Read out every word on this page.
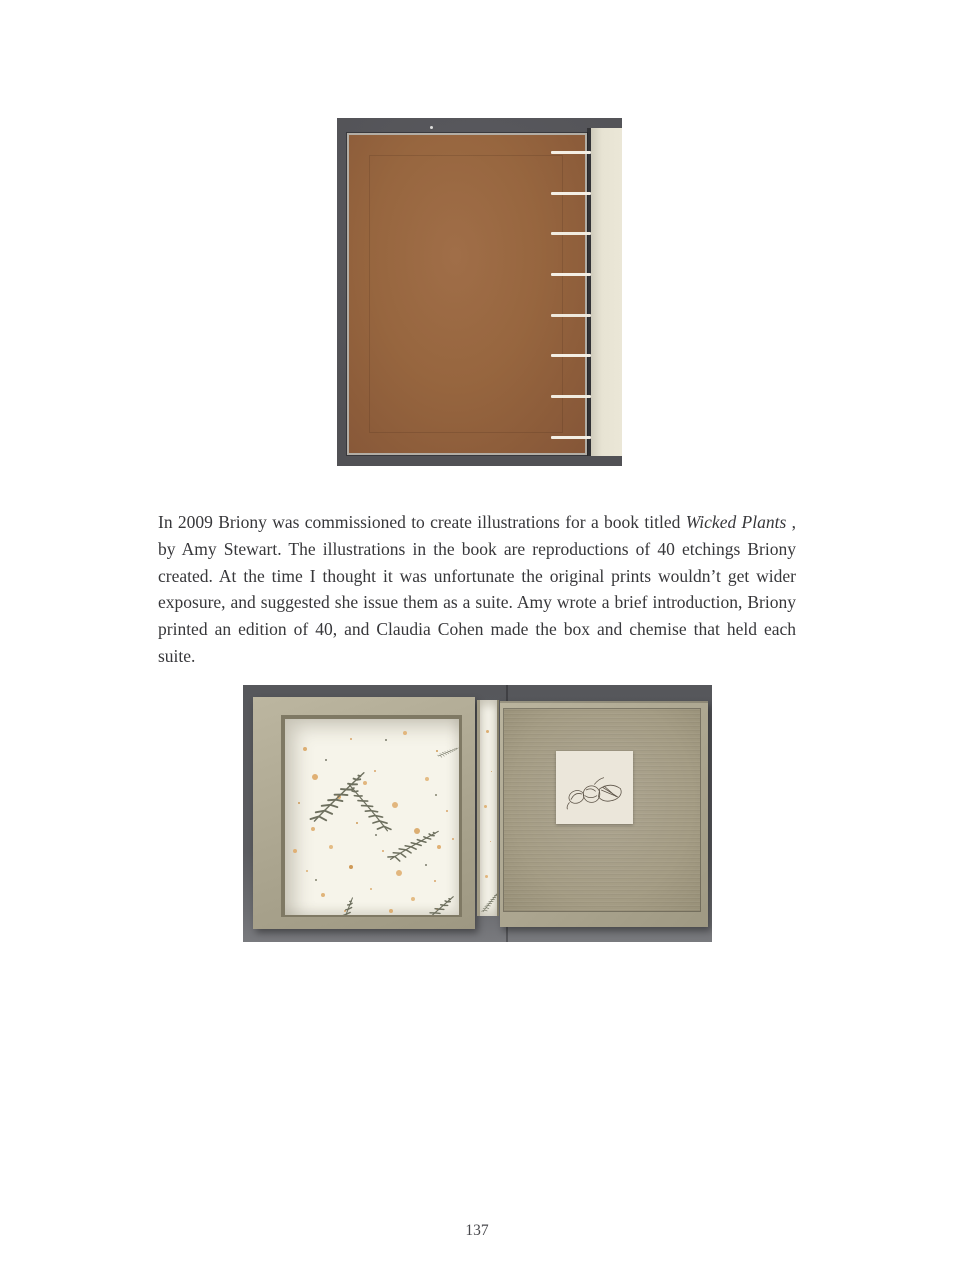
In 2009 Briony was commissioned to create illustrations for a book titled Wicked Plants , by Amy Stewart. The illustrations in the book are reproductions of 40 etchings Briony created. At the time I thought it was unfortunate the original prints wouldn’t get wider exposure, and suggested she issue them as a suite. Amy wrote a brief introduction, Briony printed an edition of 40, and Claudia Cohen made the box and chemise that held each suite.

137
